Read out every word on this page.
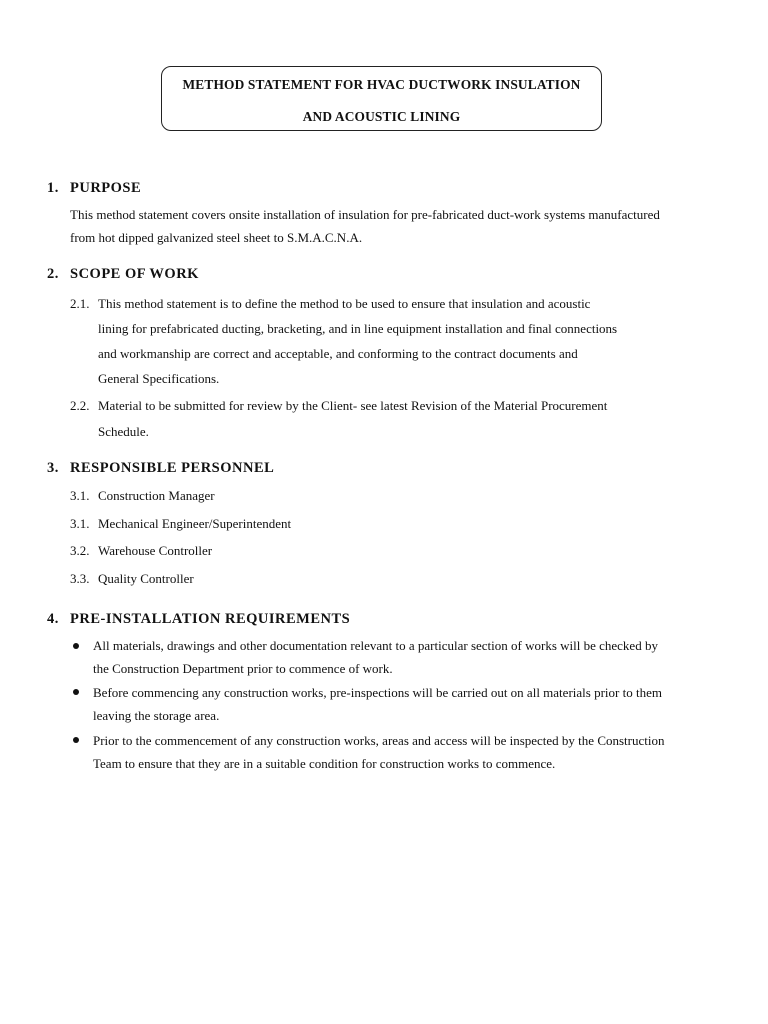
METHOD STATEMENT FOR HVAC DUCTWORK INSULATION
AND ACOUSTIC LINING
1. PURPOSE
This method statement covers onsite installation of insulation for pre-fabricated duct-work systems manufactured
from hot dipped galvanized steel sheet to S.M.A.C.N.A.
2. SCOPE OF WORK
2.1. This method statement is to define the method to be used to ensure that insulation and acoustic
lining for prefabricated ducting, bracketing, and in line equipment installation and final connections
and workmanship are correct and acceptable, and conforming to the contract documents and
General Specifications.
2.2. Material to be submitted for review by the Client- see latest Revision of the Material Procurement
Schedule.
3. RESPONSIBLE PERSONNEL
3.1. Construction Manager
3.1. Mechanical Engineer/Superintendent
3.2. Warehouse Controller
3.3. Quality Controller
4. PRE-INSTALLATION REQUIREMENTS
All materials, drawings and other documentation relevant to a particular section of works will be checked by
the Construction Department prior to commence of work.
Before commencing any construction works, pre-inspections will be carried out on all materials prior to them
leaving the storage area.
Prior to the commencement of any construction works, areas and access will be inspected by the Construction
Team to ensure that they are in a suitable condition for construction works to commence.
